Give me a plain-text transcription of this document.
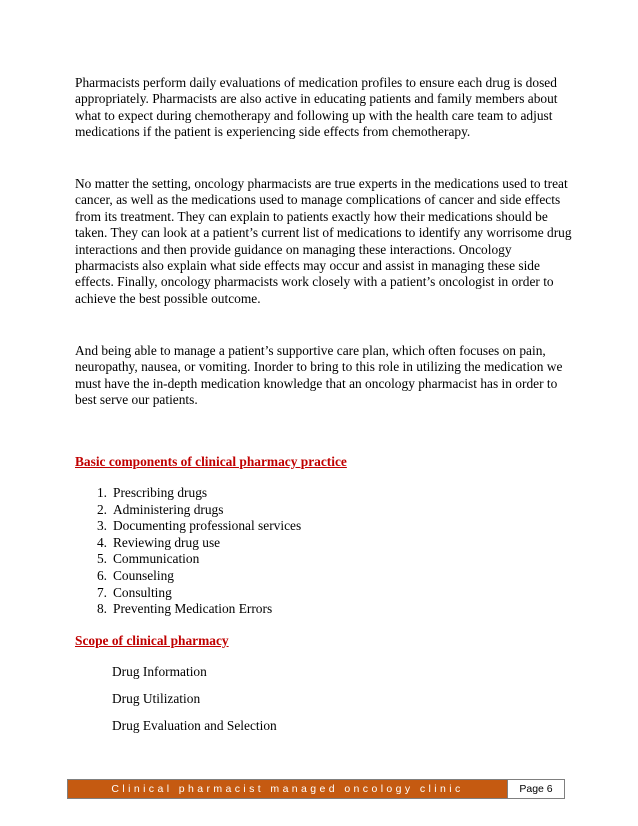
Pharmacists perform daily evaluations of medication profiles to ensure each drug is dosed appropriately. Pharmacists are also active in educating patients and family members about what to expect during chemotherapy and following up with the health care team to adjust medications if the patient is experiencing side effects from chemotherapy.

No matter the setting, oncology pharmacists are true experts in the medications used to treat cancer, as well as the medications used to manage complications of cancer and side effects from its treatment. They can explain to patients exactly how their medications should be taken. They can look at a patient’s current list of medications to identify any worrisome drug interactions and then provide guidance on managing these interactions. Oncology pharmacists also explain what side effects may occur and assist in managing these side effects. Finally, oncology pharmacists work closely with a patient’s oncologist in order to achieve the best possible outcome.

And being able to manage a patient’s supportive care plan, which often focuses on pain, neuropathy, nausea, or vomiting. Inorder to bring to this role in utilizing the medication we must have the in-depth medication knowledge that an oncology pharmacist has in order to best serve our patients.

Basic components of clinical pharmacy practice

1. Prescribing drugs
2. Administering drugs
3. Documenting professional services
4. Reviewing drug use
5. Communication
6. Counseling
7. Consulting
8. Preventing Medication Errors

Scope of clinical pharmacy

Drug Information

Drug Utilization

Drug Evaluation and Selection

Clinical pharmacist managed oncology clinic	Page 6
